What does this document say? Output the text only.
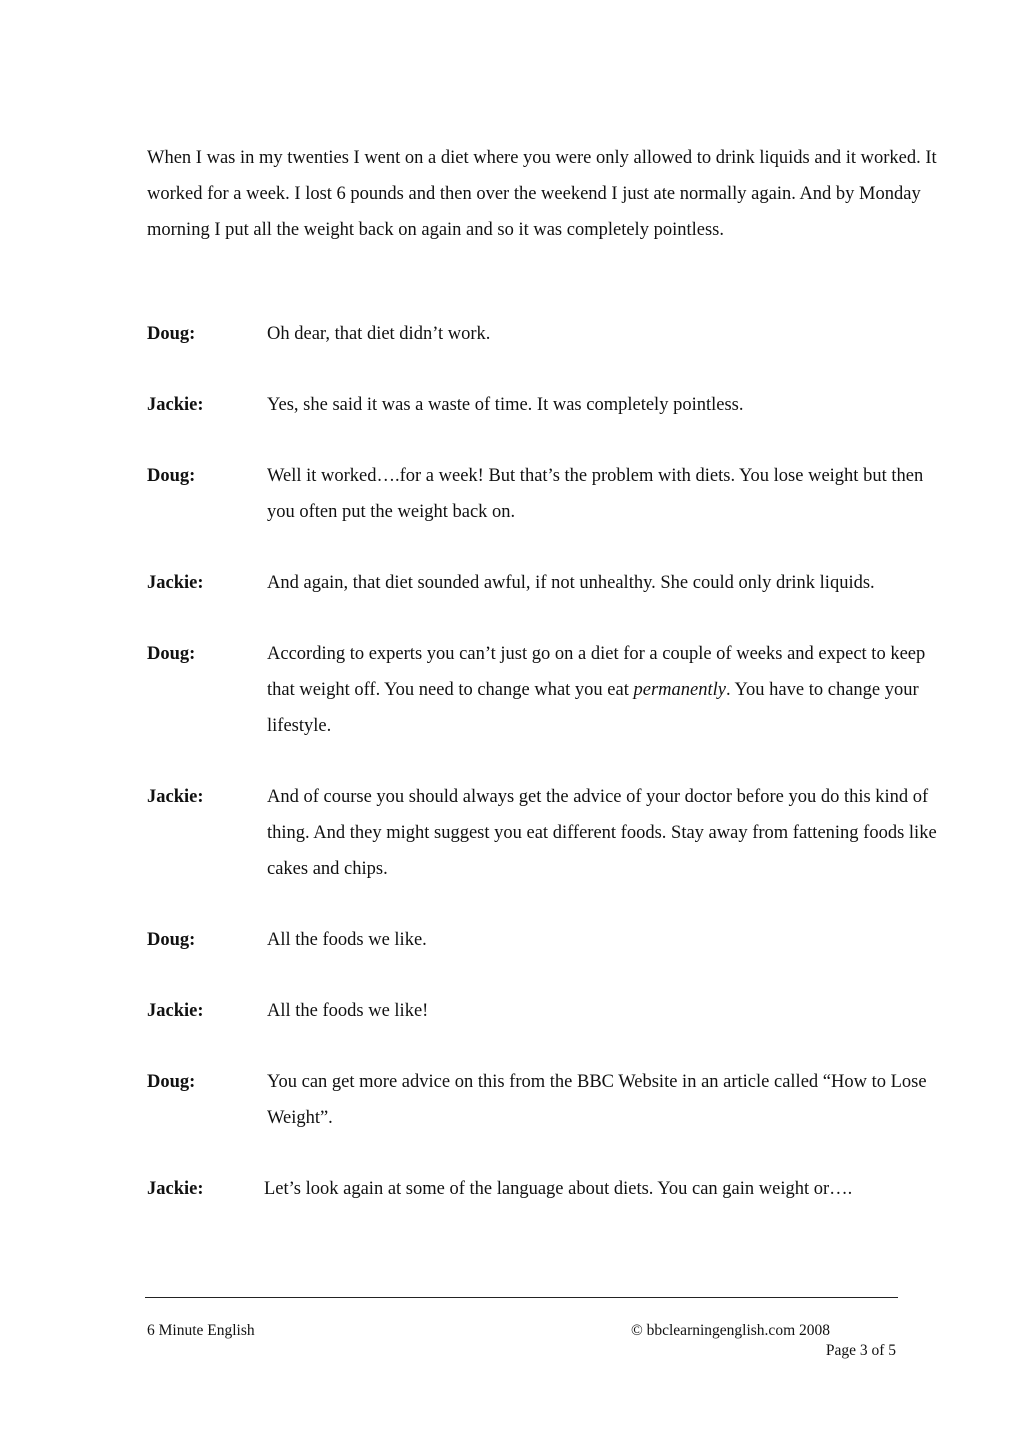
When I was in my twenties I went on a diet where you were only allowed to drink liquids and it worked. It worked for a week. I lost 6 pounds and then over the weekend I just ate normally again. And by Monday morning I put all the weight back on again and so it was completely pointless.

Doug:	Oh dear, that diet didn’t work.
Jackie:	Yes, she said it was a waste of time. It was completely pointless.
Doug:	Well it worked….for a week! But that’s the problem with diets. You lose weight but then you often put the weight back on.
Jackie:	And again, that diet sounded awful, if not unhealthy. She could only drink liquids.
Doug:	According to experts you can’t just go on a diet for a couple of weeks and expect to keep that weight off. You need to change what you eat permanently. You have to change your lifestyle.
Jackie:	And of course you should always get the advice of your doctor before you do this kind of thing. And they might suggest you eat different foods. Stay away from fattening foods like cakes and chips.
Doug:	All the foods we like.
Jackie:	All the foods we like!
Doug:	You can get more advice on this from the BBC Website in an article called “How to Lose Weight”.
Jackie:	Let’s look again at some of the language about diets. You can gain weight or….
6 Minute English	© bbclearningenglish.com 2008
Page 3 of 5
